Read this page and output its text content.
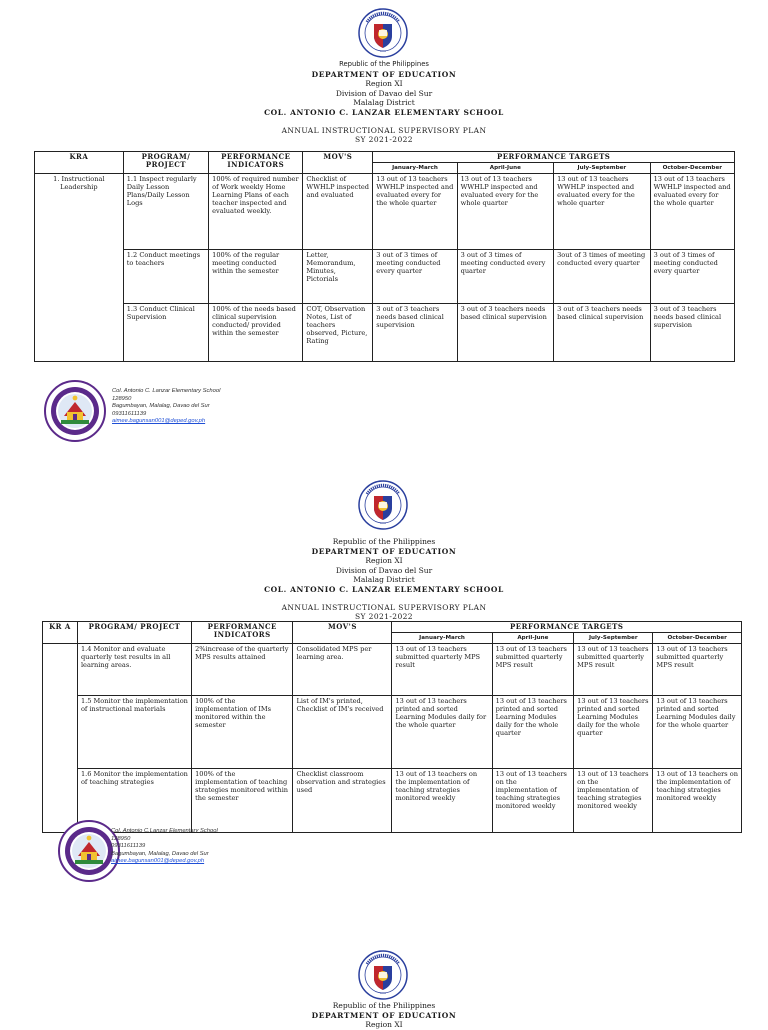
Republic of the Philippines
DEPARTMENT OF EDUCATION
Region XI
Division of Davao del Sur
Malalag District
COL. ANTONIO C. LANZAR ELEMENTARY SCHOOL
ANNUAL INSTRUCTIONAL SUPERVISORY PLAN
SY 2021-2022
KRA	PROGRAM/ PROJECT	PERFORMANCE INDICATORS	MOV'S	PERFORMANCE TARGETS			
				January-March	April-June	July-September	October-December
1. Instructional Leadership	1.1 Inspect regularly Daily Lesson Plans/Daily Lesson Logs	100% of required number of Work weekly Home Learning Plans of each teacher inspected and evaluated weekly.	Checklist of WWHLP inspected and evaluated	13 out of 13 teachers WWHLP inspected and evaluated every for the whole quarter	13 out of 13 teachers WWHLP inspected and evaluated every for the whole quarter	13 out of 13 teachers WWHLP inspected and evaluated every for the whole quarter	13 out of 13 teachers WWHLP inspected and evaluated every for the whole quarter
	1.2 Conduct meetings to teachers	100% of the regular meeting conducted within the semester	Letter, Memorandum, Minutes, Pictorials	3 out of 3 times of meeting conducted every quarter	3 out of 3 times of meeting conducted every quarter	3out of 3 times of meeting conducted every quarter	3 out of 3 times of meeting conducted every quarter
	1.3 Conduct Clinical Supervision	100% of the needs based clinical supervision conducted/ provided within the semester	COT, Observation Notes, List of teachers observed, Picture, Rating	3 out of 3 teachers needs based clinical supervision	3 out of 3 teachers needs based clinical supervision	3 out of 3 teachers needs based clinical supervision	3 out of 3 teachers needs based clinical supervision
Col. Antonio C. Lanzar Elementary School
128950
Bagumbayan, Malalag, Davao del Sur
09311611139
aimee.bagunsan001@deped.gov.ph
Republic of the Philippines
DEPARTMENT OF EDUCATION
Region XI
Division of Davao del Sur
Malalag District
COL. ANTONIO C. LANZAR ELEMENTARY SCHOOL
ANNUAL INSTRUCTIONAL SUPERVISORY PLAN
SY 2021-2022
KR A	PROGRAM/ PROJECT	PERFORMANCE INDICATORS	MOV'S	PERFORMANCE TARGETS			
				January-March	April-June	July-September	October-December
	1.4 Monitor and evaluate quarterly test results in all learning areas.	2%increase of the quarterly MPS results attained	Consolidated MPS per learning area.	13 out of 13 teachers submitted quarterly MPS result	13 out of 13 teachers submitted quarterly MPS result	13 out of 13 teachers submitted quarterly MPS result	13 out of 13 teachers submitted quarterly MPS result
	1.5 Monitor the implementation of instructional materials	100% of the implementation of IMs monitored within the semester	List of IM's printed, Checklist of IM's received	13 out of 13 teachers printed and sorted Learning Modules daily for the whole quarter	13 out of 13 teachers printed and sorted Learning Modules daily for the whole quarter	13 out of 13 teachers printed and sorted Learning Modules daily for the whole quarter	13 out of 13 teachers printed and sorted Learning Modules daily for the whole quarter
	1.6 Monitor the implementation of teaching strategies	100% of the implementation of teaching strategies monitored within the semester	Checklist classroom observation and strategies used	13 out of 13 teachers on the implementation of teaching strategies monitored weekly	13 out of 13 teachers on the implementation of teaching strategies monitored weekly	13 out of 13 teachers on the implementation of teaching strategies monitored weekly	13 out of 13 teachers on the implementation of teaching strategies monitored weekly
Col. Antonio C.Lanzar Elementary School
128950
09311611139
Bagumbayan, Malalag, Davao del Sur
aimee.bagunsan001@deped.gov.ph
Republic of the Philippines
DEPARTMENT OF EDUCATION
Region XI
